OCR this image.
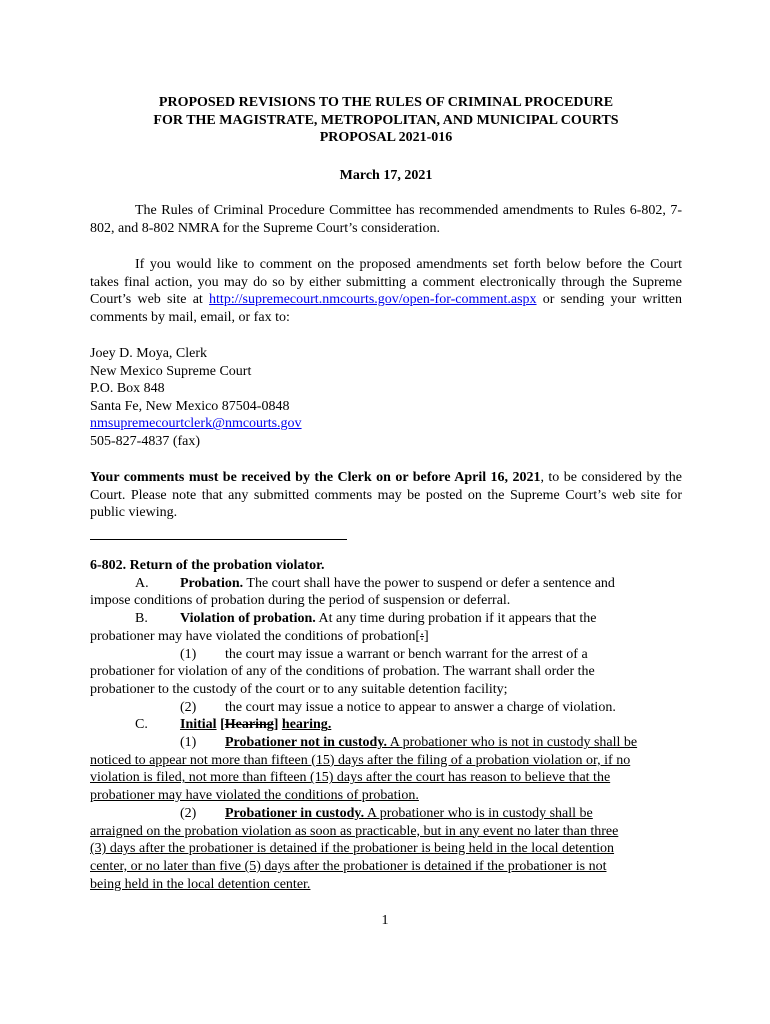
PROPOSED REVISIONS TO THE RULES OF CRIMINAL PROCEDURE
FOR THE MAGISTRATE, METROPOLITAN, AND MUNICIPAL COURTS
PROPOSAL 2021-016
March 17, 2021
The Rules of Criminal Procedure Committee has recommended amendments to Rules 6-802, 7-802, and 8-802 NMRA for the Supreme Court’s consideration.
If you would like to comment on the proposed amendments set forth below before the Court takes final action, you may do so by either submitting a comment electronically through the Supreme Court’s web site at http://supremecourt.nmcourts.gov/open-for-comment.aspx or sending your written comments by mail, email, or fax to:
Joey D. Moya, Clerk
New Mexico Supreme Court
P.O. Box 848
Santa Fe, New Mexico 87504-0848
nmsupremecourtclerk@nmcourts.gov
505-827-4837 (fax)
Your comments must be received by the Clerk on or before April 16, 2021, to be considered by the Court. Please note that any submitted comments may be posted on the Supreme Court’s web site for public viewing.
6-802. Return of the probation violator.
A. Probation. The court shall have the power to suspend or defer a sentence and
impose conditions of probation during the period of suspension or deferral.
B. Violation of probation. At any time during probation if it appears that the
probationer may have violated the conditions of probation[:]
(1) the court may issue a warrant or bench warrant for the arrest of a
probationer for violation of any of the conditions of probation. The warrant shall order the
probationer to the custody of the court or to any suitable detention facility;
(2) the court may issue a notice to appear to answer a charge of violation.
C. Initial [Hearing] hearing.
(1) Probationer not in custody. A probationer who is not in custody shall be
noticed to appear not more than fifteen (15) days after the filing of a probation violation or, if no
violation is filed, not more than fifteen (15) days after the court has reason to believe that the
probationer may have violated the conditions of probation.
(2) Probationer in custody. A probationer who is in custody shall be
arraigned on the probation violation as soon as practicable, but in any event no later than three
(3) days after the probationer is detained if the probationer is being held in the local detention
center, or no later than five (5) days after the probationer is detained if the probationer is not
being held in the local detention center.
1
